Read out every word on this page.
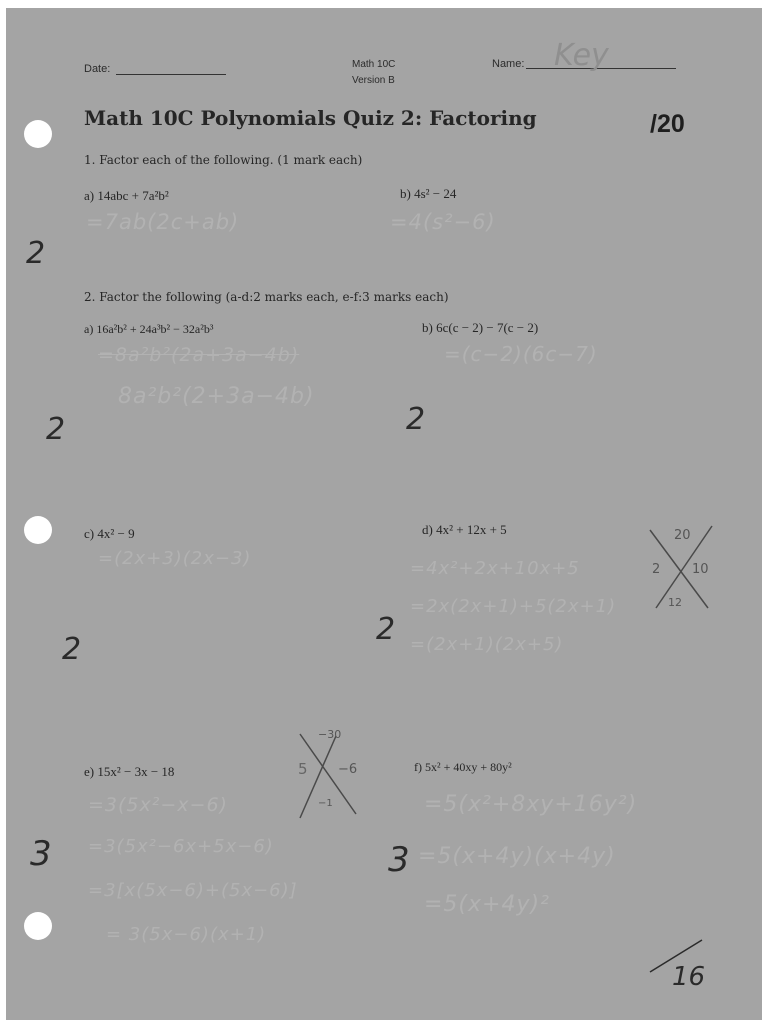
Date:	Math 10C
Version B
Name: Key
Math 10C Polynomials Quiz 2: Factoring	/20
1. Factor each of the following. (1 mark each)
a) 14abc + 7a²b²
=7ab(2c+ab)
b) 4s² − 24
=4(s²−6)
2
2. Factor the following (a-d:2 marks each, e-f:3 marks each)
a) 16a²b² + 24a³b² − 32a²b³
=8a²b²(2a+3a−4b)
8a²b²(2+3a−4b)
2
b) 6c(c − 2) − 7(c − 2)
=(c−2)(6c−7)
2
c) 4x² − 9
=(2x+3)(2x−3)
2
d) 4x² + 12x + 5
=4x²+2x+10x+5
=2x(2x+1)+5(2x+1)
=(2x+1)(2x+5)
2
20
2 10
12
e) 15x² − 3x − 18
=3(5x²−x−6)
=3(5x²−6x+5x−6)
=3[x(5x−6)+(5x−6)]
= 3(5x−6)(x+1)
3
−30
5 −6
−1
f) 5x² + 40xy + 80y²
=5(x²+8xy+16y²)
=5(x+4y)(x+4y)
=5(x+4y)²
3
16
